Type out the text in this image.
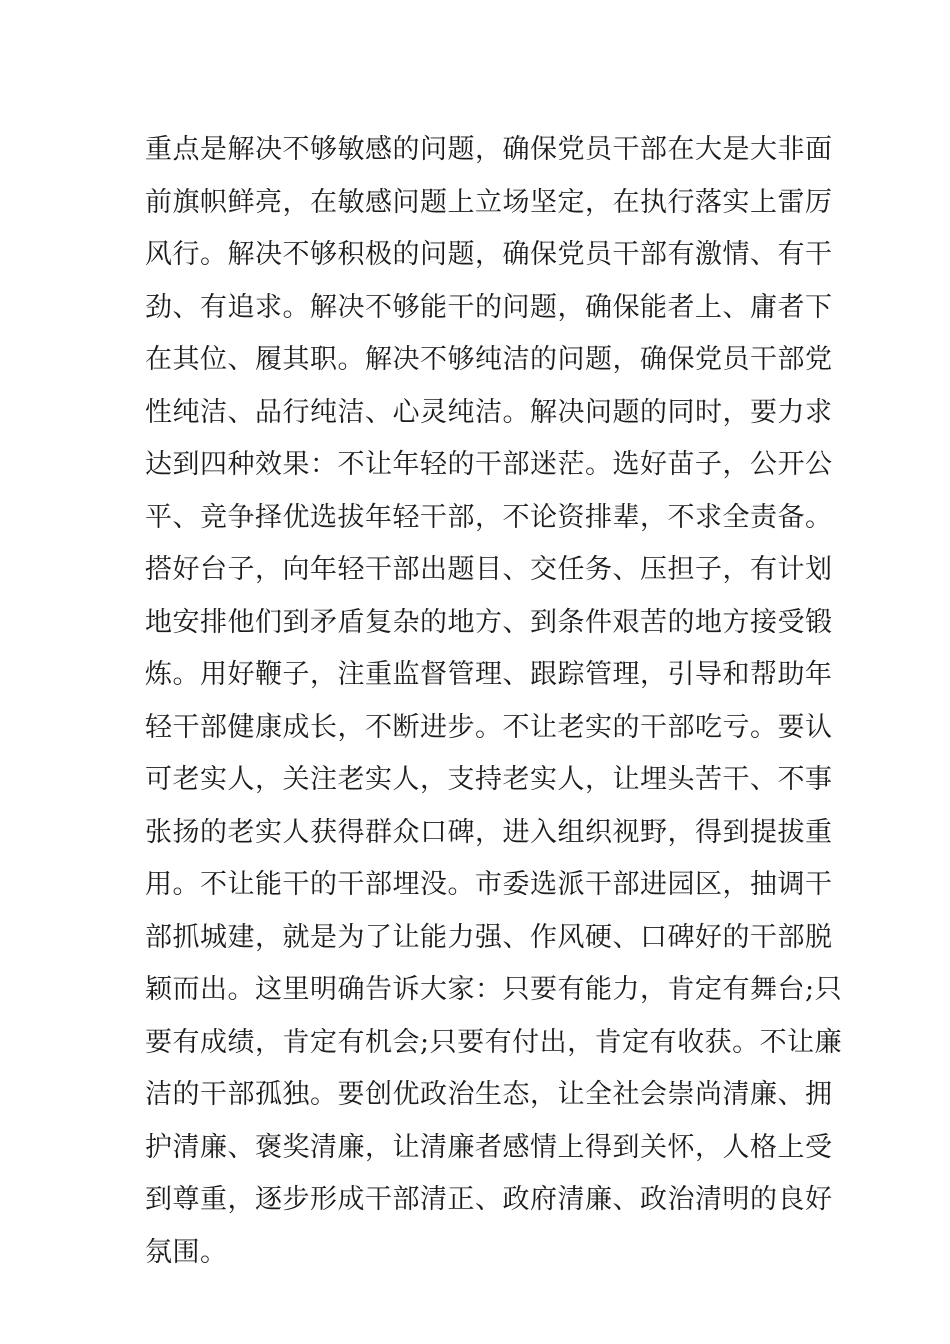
重点是解决不够敏感的问题，确保党员干部在大是大非面
前旗帜鲜亮，在敏感问题上立场坚定，在执行落实上雷厉
风行。解决不够积极的问题，确保党员干部有激情、有干
劲、有追求。解决不够能干的问题，确保能者上、庸者下
在其位、履其职。解决不够纯洁的问题，确保党员干部党
性纯洁、品行纯洁、心灵纯洁。解决问题的同时，要力求
达到四种效果：不让年轻的干部迷茫。选好苗子，公开公
平、竞争择优选拔年轻干部，不论资排辈，不求全责备。
搭好台子，向年轻干部出题目、交任务、压担子，有计划
地安排他们到矛盾复杂的地方、到条件艰苦的地方接受锻
炼。用好鞭子，注重监督管理、跟踪管理，引导和帮助年
轻干部健康成长，不断进步。不让老实的干部吃亏。要认
可老实人，关注老实人，支持老实人，让埋头苦干、不事
张扬的老实人获得群众口碑，进入组织视野，得到提拔重
用。不让能干的干部埋没。市委选派干部进园区，抽调干
部抓城建，就是为了让能力强、作风硬、口碑好的干部脱
颖而出。这里明确告诉大家：只要有能力，肯定有舞台;只
要有成绩，肯定有机会;只要有付出，肯定有收获。不让廉
洁的干部孤独。要创优政治生态，让全社会崇尚清廉、拥
护清廉、褒奖清廉，让清廉者感情上得到关怀，人格上受
到尊重，逐步形成干部清正、政府清廉、政治清明的良好
氛围。
